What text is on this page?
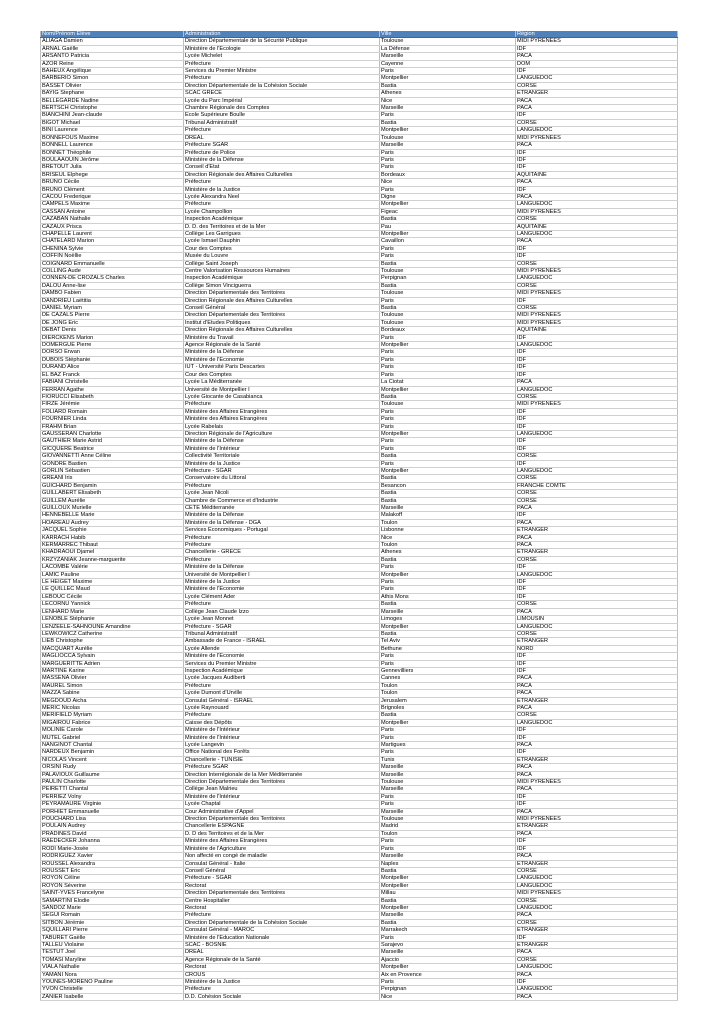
Nom/Prénom Elève	Administration	Ville	Région
ALIAGA Damien	Direction Départementale de la Sécurité Publique	Toulouse	MIDI PYRENEES
ARNAL Gaëlle	Ministère de l'Ecologie	La Défense	IDF
ARSANTO Patricia	Lycée Michelet	Marseille	PACA
AZOR Reine	Préfecture	Cayenne	DOM
BAHEUX Angélique	Services du Premier Ministre	Paris	IDF
BARBERIO Simon	Préfecture	Montpellier	LANGUEDOC
BASSET Olivier	Direction Départementale de la Cohésion Sociale	Bastia	CORSE
BAYIG Stephane	SCAC GRECE	Athenes	ETRANGER
BELLEGARDE Nadine	Lycée du Parc Impérial	Nice	PACA
BERTSCH Christophe	Chambre Régionale des Comptes	Marseille	PACA
BIANCHINI Jean-claude	Ecole Supérieure Boulle	Paris	IDF
BIGOT Michael	Tribunal Administratif	Bastia	CORSE
BINI Laurence	Préfecture	Montpellier	LANGUEDOC
BONNEFOUS Maxime	DREAL	Toulouse	MIDI PYRENEES
BONNELL Laurence	Préfecture SGAR	Marseille	PACA
BONNET Théophile	Préfecture de Police	Paris	IDF
BOULAAOUIN Jérôme	Ministère de la Défense	Paris	IDF
BRETOUT Julia	Conseil d'Etat	Paris	IDF
BRISEUL Elphege	Direction Régionale des Affaires Culturelles	Bordeaux	AQUITAINE
BRUNO Cécile	Préfecture	Nice	PACA
BRUNO Clément	Ministère de la Justice	Paris	IDF
CACOU Frederique	Lycée Alexandra Neel	Digne	PACA
CAMPELS Maxime	Préfecture	Montpellier	LANGUEDOC
CASSAN Antoine	Lycée Champollion	Figeac	MIDI PYRENEES
CAZABAN Nathalie	Inspection Académique	Bastia	CORSE
CAZAUX Prisca	D. D. des Territoires et de la Mer	Pau	AQUITAINE
CHAPELLE Laurent	Collège Les Garrigues	Montpellier	LANGUEDOC
CHATELARD Marion	Lycée Ismael Dauphin	Cavaillon	PACA
CHENINA Sylvie	Cour des Comptes	Paris	IDF
COFFIN Noëllie	Musée du Louvre	Paris	IDF
COIGNARD Emmanuelle	Collège Saint Joseph	Bastia	CORSE
COLLING Aude	Centre Valorisation Ressources Humaines	Toulouse	MIDI PYRENEES
CONNEN-DE CROZALS Charles	Inspection Académique	Perpignan	LANGUEDOC
DALOU Anne-lise	Collège Simon Vinciguerra	Bastia	CORSE
DAMBO Fabien	Direction Départementale des Territoires	Toulouse	MIDI PYRENEES
DANDRIEU Laëtitia	Direction Régionale des Affaires Culturelles	Paris	IDF
DANIEL Myriam	Conseil Général	Bastia	CORSE
DE CAZALS Pierre	Direction Départementale des Territoires	Toulouse	MIDI PYRENEES
DE JONG Eric	Institut d'Etudes Politiques	Toulouse	MIDI PYRENEES
DEBAT Denis	Direction Régionale des Affaires Culturelles	Bordeaux	AQUITAINE
DIERCKENS Marion	Ministère du Travail	Paris	IDF
DOMERGUE Pierre	Agence Régionale de la Santé	Montpellier	LANGUEDOC
DORSO Erwan	Ministère de la Défense	Paris	IDF
DUBOIS Stéphanie	Ministère de l'Economie	Paris	IDF
DURAND Alice	IUT - Université Paris Descartes	Paris	IDF
EL BAZ Franck	Cour des Comptes	Paris	IDF
FABIANI Christelle	Lycée La Méditerranée	La Ciotat	PACA
FERRAN Agathe	Université de Montpellier I	Montpellier	LANGUEDOC
FIORUCCI Elisabeth	Lycée Giocante de Casabianca	Bastia	CORSE
FIRZE Jérémie	Préfecture	Toulouse	MIDI PYRENEES
FOLIARD Romain	Ministère des Affaires Etrangères	Paris	IDF
FOURNIER Linda	Ministère des Affaires Etrangères	Paris	IDF
FRAHM Brian	Lycée Rabelais	Paris	IDF
GAUSSERAN Charlotte	Direction Régionale de l'Agriculture	Montpellier	LANGUEDOC
GAUTHIER Marie Astrid	Ministère de la Défense	Paris	IDF
GICQUERE Beatrice	Ministère de l'Intérieur	Paris	IDF
GIOVANNETTI Anne Céline	Collectivité Territoriale	Bastia	CORSE
GONDRE Bastien	Ministère de la Justice	Paris	IDF
GORLIN Sébastien	Préfecture - SGAR	Montpellier	LANGUEDOC
GREANI Iris	Conservatoire du Littoral	Bastia	CORSE
GUICHARD Benjamin	Préfecture	Besancon	FRANCHE COMTE
GUILLABERT Elisabeth	Lycée Jean Nicoli	Bastia	CORSE
GUILLEM Aurélie	Chambre de Commerce et d'Industrie	Bastia	CORSE
GUILLOUX Murielle	CETE Méditerranée	Marseille	PACA
HENNEBELLE Marie	Ministère de la Défense	Malakoff	IDF
HOAREAU Audrey	Ministère de la Défense - DGA	Toulon	PACA
JACQUEL Sophie	Services Economiques - Portugal	Lisbonne	ETRANGER
KARRACH Habib	Préfecture	Nice	PACA
KERMARREC Thibaut	Préfecture	Toulon	PACA
KHADRAOUI Djamel	Chancellerie - GRECE	Athenes	ETRANGER
KRZYZANIAK Jeanne-marguerite	Préfecture	Bastia	CORSE
LACOMBE Valérie	Ministère de la Défense	Paris	IDF
LAMIC Pauline	Université de Montpellier I	Montpellier	LANGUEDOC
LE HEIGET Maxime	Ministère de la Justice	Paris	IDF
LE QUILLEC Maud	Ministère de l'Economie	Paris	IDF
LEBOUC Cécile	Lycée Clément Ader	Athis Mons	IDF
LECORNU Yannick	Préfecture	Bastia	CORSE
LENHARD Marie	Collège Jean Claude Izzo	Marseille	PACA
LENOBLE Stéphanie	Lycée Jean Monnet	Limoges	LIMOUSIN
LENZEELE-SAHNOUNE Amandine	Préfecture - SGAR	Montpellier	LANGUEDOC
LEWKOWICZ Catherine	Tribunal Administratif	Bastia	CORSE
LIEB Christophe	Ambassade de France - ISRAEL	Tel Aviv	ETRANGER
MACQUART Aurélie	Lycée Allende	Bethune	NORD
MAGLIOCCA Sylvain	Ministère de l'Economie	Paris	IDF
MARGUERITTE Adrien	Services du Premier Ministre	Paris	IDF
MARTINE Karine	Inspection Académique	Gennevilliers	IDF
MASSENA Olivier	Lycée Jacques Audiberti	Cannes	PACA
MAUREL Simon	Préfecture	Toulon	PACA
MAZZA Sabine	Lycée Dumont d'Urville	Toulon	PACA
MEGDOUD Aicha	Consulat Général - ISRAEL	Jerusalem	ETRANGER
MERIC Nicolas	Lycée Raynouard	Brignoles	PACA
MERIFIELD Myriam	Préfecture	Bastia	CORSE
MIGAIROU Fabrice	Caisse des Dépôts	Montpellier	LANGUEDOC
MOLINIE Carole	Ministère de l'Intérieur	Paris	IDF
MUTEL Gabriel	Ministère de l'Intérieur	Paris	IDF
NANGINOT Chantal	Lycée Langevin	Martigues	PACA
NARDEUX Benjamin	Office National des Forêts	Paris	IDF
NICOLAS Vincent	Chancellerie - TUNISIE	Tunis	ETRANGER
ORSINI Rudy	Préfecture SGAR	Marseille	PACA
PALAVIOUX Guillaume	Direction Interrégionale de la Mer Méditerranée	Marseille	PACA
PAULIN Charlotte	Direction Départementale des Territoires	Toulouse	MIDI PYRENEES
PEIRETTI Chantal	Collège Jean Malrieu	Marseille	PACA
PERRIEZ Volny	Ministère de l'Intérieur	Paris	IDF
PEYRAMAURE Virginie	Lycée Chaptal	Paris	IDF
PORHIET Emmanuelle	Cour Administrative d'Appel	Marseille	PACA
POUCHARD Lisa	Direction Départementale des Territoires	Toulouse	MIDI PYRENEES
POULAIN Audrey	Chancellerie ESPAGNE	Madrid	ETRANGER
PRADINES David	D. D des Territoires et de la Mer	Toulon	PACA
RAEDECKER Johanna	Ministère des Affaires Etrangères	Paris	IDF
RODI Marie-Josée	Ministère de l'Agriculture	Paris	IDF
RODRIGUEZ Xavier	Non affecté en congé de maladie	Marseille	PACA
ROUSSEL Alexandra	Consulat Général - Italie	Naples	ETRANGER
ROUSSET Eric	Conseil Général	Bastia	CORSE
ROYON Céline	Préfecture - SGAR	Montpellier	LANGUEDOC
ROYON Séverine	Rectorat	Montpellier	LANGUEDOC
SAINT-YVES Francelyne	Direction Départementale des Territoires	Millau	MIDI PYRENEES
SAMARTINI Elodie	Centre Hospitalier	Bastia	CORSE
SANDOZ Marie	Rectorat	Montpellier	LANGUEDOC
SEGUI Romain	Préfecture	Marseille	PACA
SITBON Jérémie	Direction Départementale de la Cohésion Sociale	Bastia	CORSE
SQUILLARI Pierre	Consulat Général - MAROC	Marrakech	ETRANGER
TABURET Gaëlle	Ministère de l'Education Nationale	Paris	IDF
TALLEU Violaine	SCAC - BOSNIE	Sarajevo	ETRANGER
TESTUT Joel	DREAL	Marseille	PACA
TOMASI Maryline	Agence Régionale de la Santé	Ajaccio	CORSE
VIALA Nathalie	Rectorat	Montpellier	LANGUEDOC
YAMANI Nora	CROUS	Aix en Provence	PACA
YOUNES-MORENO Pauline	Ministère de la Justice	Paris	IDF
YVON Christelle	Préfecture	Perpignan	LANGUEDOC
ZANIER Isabelle	D.D. Cohésion Sociale	Nice	PACA
